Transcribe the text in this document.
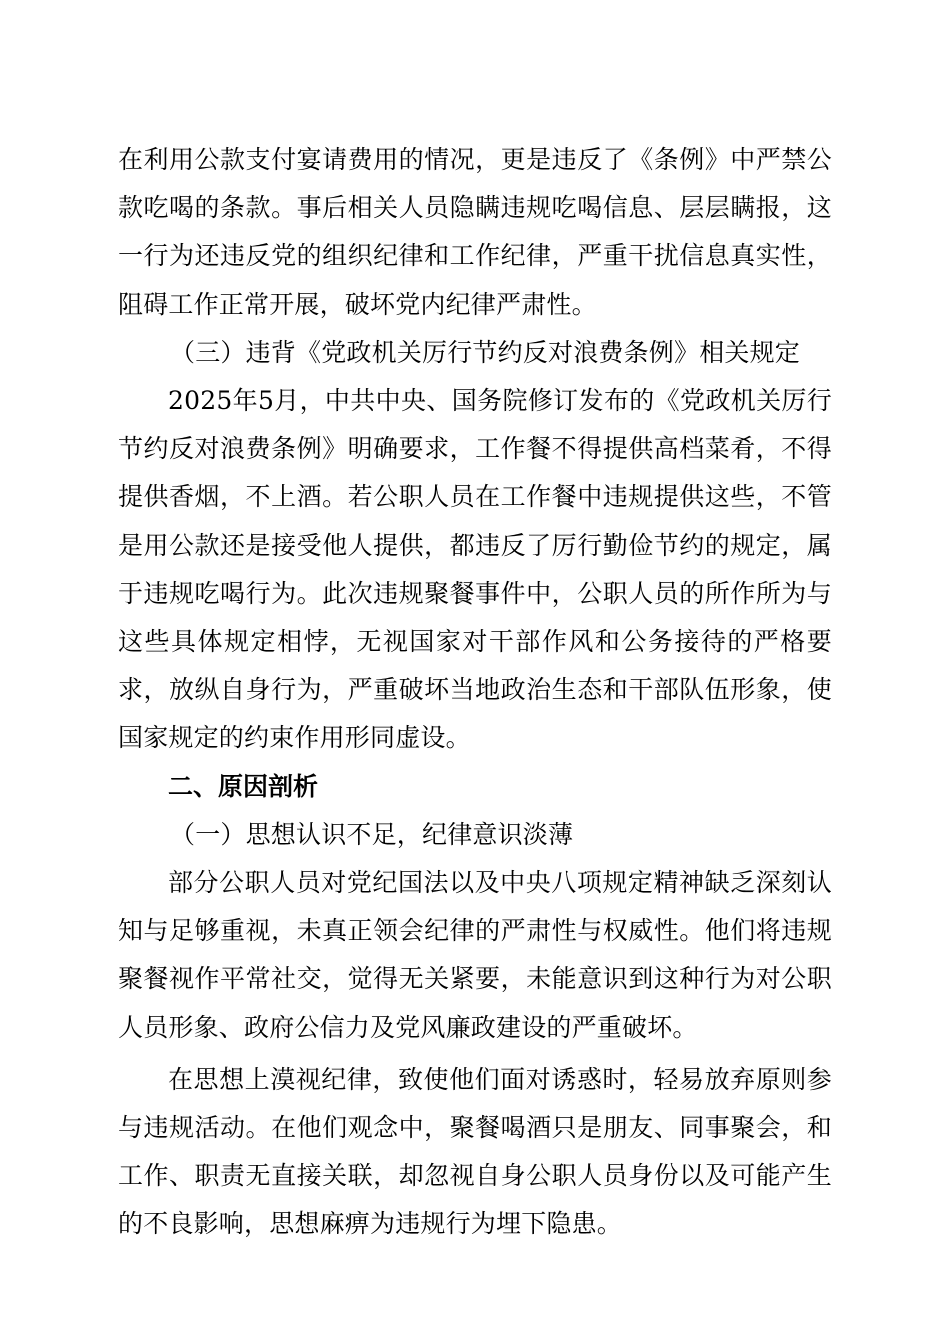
在利用公款支付宴请费用的情况，更是违反了《条例》中严禁公款吃喝的条款。事后相关人员隐瞒违规吃喝信息、层层瞒报，这一行为还违反党的组织纪律和工作纪律，严重干扰信息真实性，阻碍工作正常开展，破坏党内纪律严肃性。

（三）违背《党政机关厉行节约反对浪费条例》相关规定

2025年5月，中共中央、国务院修订发布的《党政机关厉行节约反对浪费条例》明确要求，工作餐不得提供高档菜肴，不得提供香烟，不上酒。若公职人员在工作餐中违规提供这些，不管是用公款还是接受他人提供，都违反了厉行勤俭节约的规定，属于违规吃喝行为。此次违规聚餐事件中，公职人员的所作所为与这些具体规定相悖，无视国家对干部作风和公务接待的严格要求，放纵自身行为，严重破坏当地政治生态和干部队伍形象，使国家规定的约束作用形同虚设。

二、原因剖析

（一）思想认识不足，纪律意识淡薄

部分公职人员对党纪国法以及中央八项规定精神缺乏深刻认知与足够重视，未真正领会纪律的严肃性与权威性。他们将违规聚餐视作平常社交，觉得无关紧要，未能意识到这种行为对公职人员形象、政府公信力及党风廉政建设的严重破坏。

在思想上漠视纪律，致使他们面对诱惑时，轻易放弃原则参与违规活动。在他们观念中，聚餐喝酒只是朋友、同事聚会，和工作、职责无直接关联，却忽视自身公职人员身份以及可能产生的不良影响，思想麻痹为违规行为埋下隐患。
